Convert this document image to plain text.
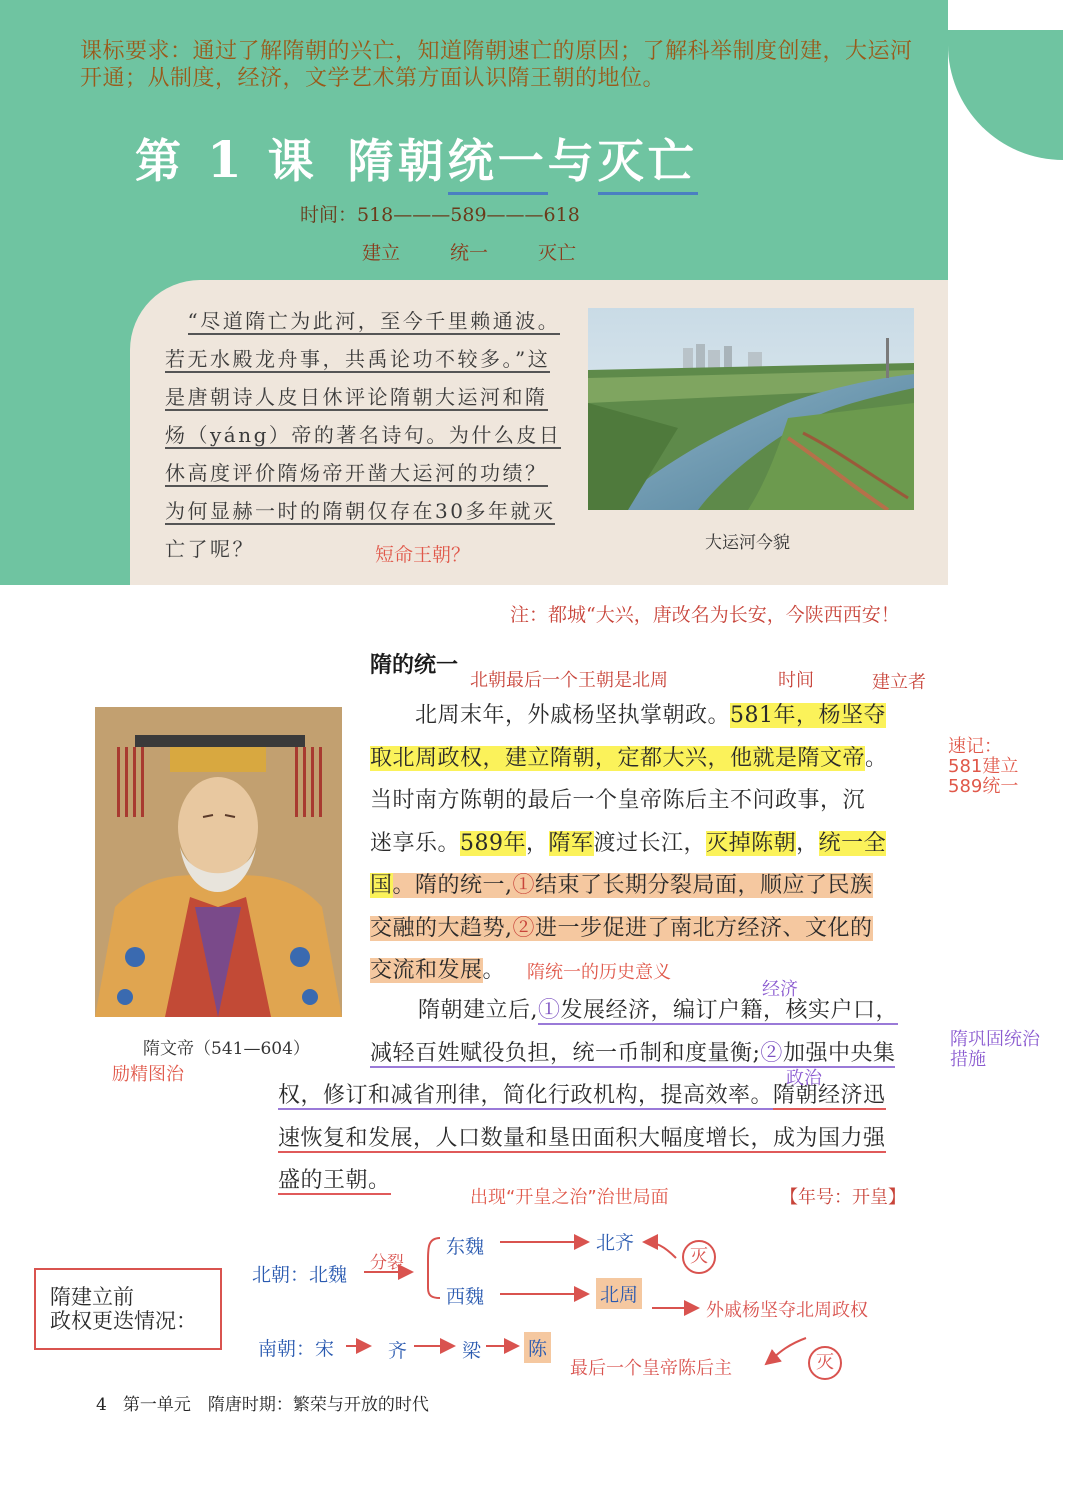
课标要求：通过了解隋朝的兴亡，知道隋朝速亡的原因；了解科举制度创建，大运河开通；从制度，经济，文学艺术第方面认识隋王朝的地位。
第 1 课 隋朝统一与灭亡
时间：518———589———618
建立	统一	灭亡
　“尽道隋亡为此河，至今千里赖通波。
若无水殿龙舟事，共禹论功不较多。”这
是唐朝诗人皮日休评论隋朝大运河和隋
炀（yáng）帝的著名诗句。为什么皮日
休高度评价隋炀帝开凿大运河的功绩？
为何显赫一时的隋朝仅存在30多年就灭
亡了呢？	短命王朝？
大运河今貌
注：都城“大兴，唐改名为长安，今陕西西安！
隋的统一
北朝最后一个王朝是北周	时间	建立者
　　北周末年，外戚杨坚执掌朝政。581年，杨坚夺
取北周政权，建立隋朝，定都大兴，他就是隋文帝。
当时南方陈朝的最后一个皇帝陈后主不问政事，沉
迷享乐。589年，隋军渡过长江，灭掉陈朝，统一全
国。隋的统一,①结束了长期分裂局面，顺应了民族
交融的大趋势,②进一步促进了南北方经济、文化的
交流和发展。	隋统一的历史意义
经济
隋朝建立后,①发展经济，编订户籍，核实户口，
减轻百姓赋役负担，统一币制和度量衡;②加强中央集
权，修订和减省刑律，简化行政机构，提高效率。隋朝经济迅
速恢复和发展，人口数量和垦田面积大幅度增长，成为国力强
盛的王朝。
速记：
581建立
589统一
隋巩固统治
措施
政治
出现“开皇之治”治世局面	【年号：开皇】
隋文帝（541—604）
励精图治
隋建立前
政权更迭情况：
北朝：北魏
分裂
东魏
西魏
北齐
北周
灭
外戚杨坚夺北周政权
南朝：宋	齐	梁 陈
最后一个皇帝陈后主	灭
4 第一单元　隋唐时期：繁荣与开放的时代
